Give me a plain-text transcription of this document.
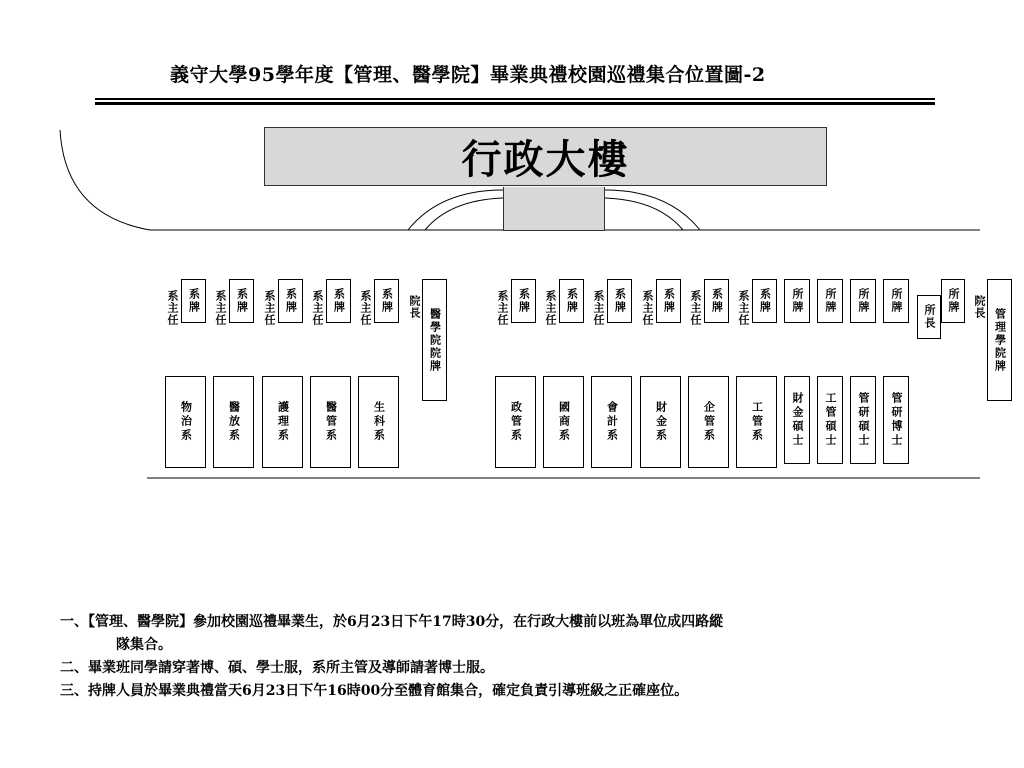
義守大學95學年度【管理、醫學院】畢業典禮校園巡禮集合位置圖-2
行政大樓
系主任 系牌
物治系
系主任 系牌
醫放系
系主任 系牌
護理系
系主任 系牌
醫管系
系主任 系牌
生科系
院長
醫學院院牌	系主任 系牌
政管系
系主任 系牌
國商系
系主任 系牌
會計系
系主任 系牌
財金系
系主任 系牌
企管系
系主任 系牌
工管系
所牌
財金碩士
所牌
工管碩士
所牌
管研碩士
所牌
管研博士
所長
所牌	院長
管理學院牌
一、【管理、醫學院】參加校園巡禮畢業生，於6月23日下午17時30分，在行政大樓前以班為單位成四路縱
隊集合。
二、畢業班同學請穿著博、碩、學士服，系所主管及導師請著博士服。
三、持牌人員於畢業典禮當天6月23日下午16時00分至體育館集合，確定負責引導班級之正確座位。
